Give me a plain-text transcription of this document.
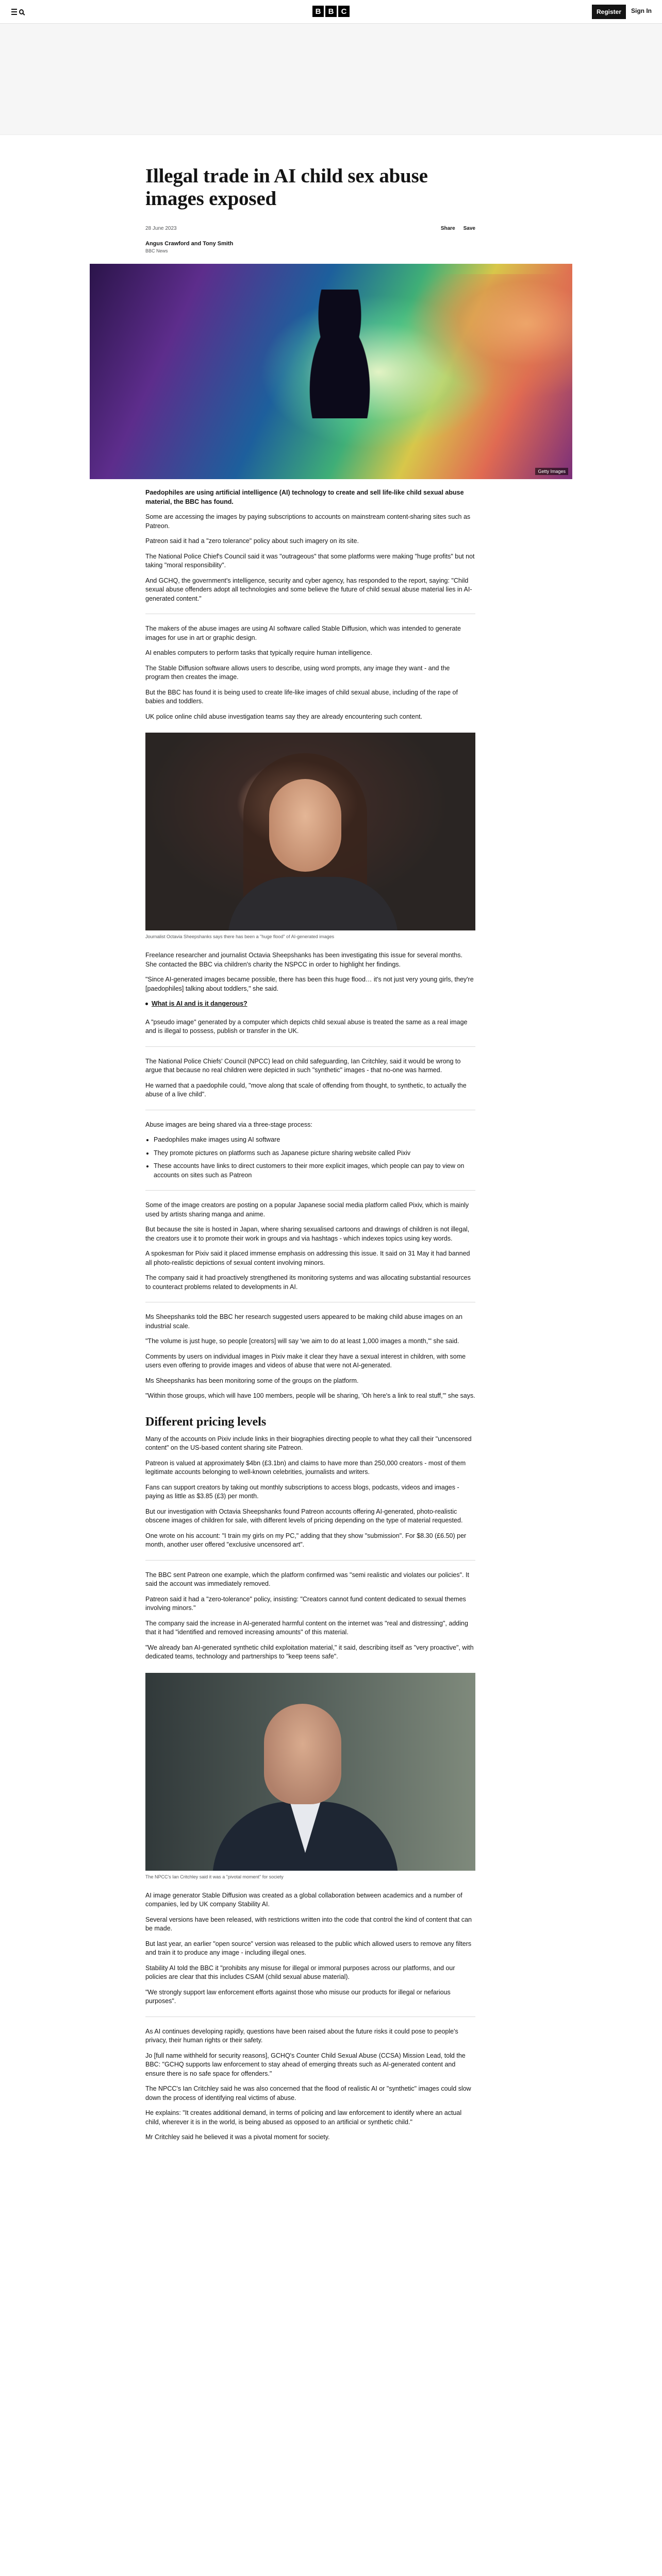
B B C	Register	Sign In
Illegal trade in AI child sex abuse images exposed
28 June 2023	Share Save
Angus Crawford and Tony Smith
BBC News
Getty Images

Paedophiles are using artificial intelligence (AI) technology to create and sell life-like child sexual abuse material, the BBC has found.

Some are accessing the images by paying subscriptions to accounts on mainstream content-sharing sites such as Patreon.

Patreon said it had a "zero tolerance" policy about such imagery on its site.

The National Police Chief's Council said it was "outrageous" that some platforms were making "huge profits" but not taking "moral responsibility".

And GCHQ, the government's intelligence, security and cyber agency, has responded to the report, saying: "Child sexual abuse offenders adopt all technologies and some believe the future of child sexual abuse material lies in AI-generated content."

The makers of the abuse images are using AI software called Stable Diffusion, which was intended to generate images for use in art or graphic design.

AI enables computers to perform tasks that typically require human intelligence.

The Stable Diffusion software allows users to describe, using word prompts, any image they want - and the program then creates the image.

But the BBC has found it is being used to create life-like images of child sexual abuse, including of the rape of babies and toddlers.

UK police online child abuse investigation teams say they are already encountering such content.

Journalist Octavia Sheepshanks says there has been a "huge flood" of AI-generated images

Freelance researcher and journalist Octavia Sheepshanks has been investigating this issue for several months. She contacted the BBC via children's charity the NSPCC in order to highlight her findings.

"Since AI-generated images became possible, there has been this huge flood… it's not just very young girls, they're [paedophiles] talking about toddlers," she said.

What is AI and is it dangerous?

A "pseudo image" generated by a computer which depicts child sexual abuse is treated the same as a real image and is illegal to possess, publish or transfer in the UK.

The National Police Chiefs' Council (NPCC) lead on child safeguarding, Ian Critchley, said it would be wrong to argue that because no real children were depicted in such "synthetic" images - that no-one was harmed.

He warned that a paedophile could, "move along that scale of offending from thought, to synthetic, to actually the abuse of a live child".

Abuse images are being shared via a three-stage process:

• Paedophiles make images using AI software
• They promote pictures on platforms such as Japanese picture sharing website called Pixiv
• These accounts have links to direct customers to their more explicit images, which people can pay to view on accounts on sites such as Patreon

Some of the image creators are posting on a popular Japanese social media platform called Pixiv, which is mainly used by artists sharing manga and anime.

But because the site is hosted in Japan, where sharing sexualised cartoons and drawings of children is not illegal, the creators use it to promote their work in groups and via hashtags - which indexes topics using key words.

A spokesman for Pixiv said it placed immense emphasis on addressing this issue. It said on 31 May it had banned all photo-realistic depictions of sexual content involving minors.

The company said it had proactively strengthened its monitoring systems and was allocating substantial resources to counteract problems related to developments in AI.

Ms Sheepshanks told the BBC her research suggested users appeared to be making child abuse images on an industrial scale.

"The volume is just huge, so people [creators] will say 'we aim to do at least 1,000 images a month,'" she said.

Comments by users on individual images in Pixiv make it clear they have a sexual interest in children, with some users even offering to provide images and videos of abuse that were not AI-generated.

Ms Sheepshanks has been monitoring some of the groups on the platform.

"Within those groups, which will have 100 members, people will be sharing, 'Oh here's a link to real stuff,'" she says.

Different pricing levels

Many of the accounts on Pixiv include links in their biographies directing people to what they call their "uncensored content" on the US-based content sharing site Patreon.

Patreon is valued at approximately $4bn (£3.1bn) and claims to have more than 250,000 creators - most of them legitimate accounts belonging to well-known celebrities, journalists and writers.

Fans can support creators by taking out monthly subscriptions to access blogs, podcasts, videos and images - paying as little as $3.85 (£3) per month.

But our investigation with Octavia Sheepshanks found Patreon accounts offering AI-generated, photo-realistic obscene images of children for sale, with different levels of pricing depending on the type of material requested.

One wrote on his account: "I train my girls on my PC," adding that they show "submission". For $8.30 (£6.50) per month, another user offered "exclusive uncensored art".

The BBC sent Patreon one example, which the platform confirmed was "semi realistic and violates our policies". It said the account was immediately removed.

Patreon said it had a "zero-tolerance" policy, insisting: "Creators cannot fund content dedicated to sexual themes involving minors."

The company said the increase in AI-generated harmful content on the internet was "real and distressing", adding that it had "identified and removed increasing amounts" of this material.

"We already ban AI-generated synthetic child exploitation material," it said, describing itself as "very proactive", with dedicated teams, technology and partnerships to "keep teens safe".

The NPCC's Ian Critchley said it was a "pivotal moment" for society

AI image generator Stable Diffusion was created as a global collaboration between academics and a number of companies, led by UK company Stability AI.

Several versions have been released, with restrictions written into the code that control the kind of content that can be made.

But last year, an earlier "open source" version was released to the public which allowed users to remove any filters and train it to produce any image - including illegal ones.

Stability AI told the BBC it "prohibits any misuse for illegal or immoral purposes across our platforms, and our policies are clear that this includes CSAM (child sexual abuse material).

"We strongly support law enforcement efforts against those who misuse our products for illegal or nefarious purposes".

As AI continues developing rapidly, questions have been raised about the future risks it could pose to people's privacy, their human rights or their safety.

Jo [full name withheld for security reasons], GCHQ's Counter Child Sexual Abuse (CCSA) Mission Lead, told the BBC: "GCHQ supports law enforcement to stay ahead of emerging threats such as AI-generated content and ensure there is no safe space for offenders."

The NPCC's Ian Critchley said he was also concerned that the flood of realistic AI or "synthetic" images could slow down the process of identifying real victims of abuse.

He explains: "It creates additional demand, in terms of policing and law enforcement to identify where an actual child, wherever it is in the world, is being abused as opposed to an artificial or synthetic child."

Mr Critchley said he believed it was a pivotal moment for society.
